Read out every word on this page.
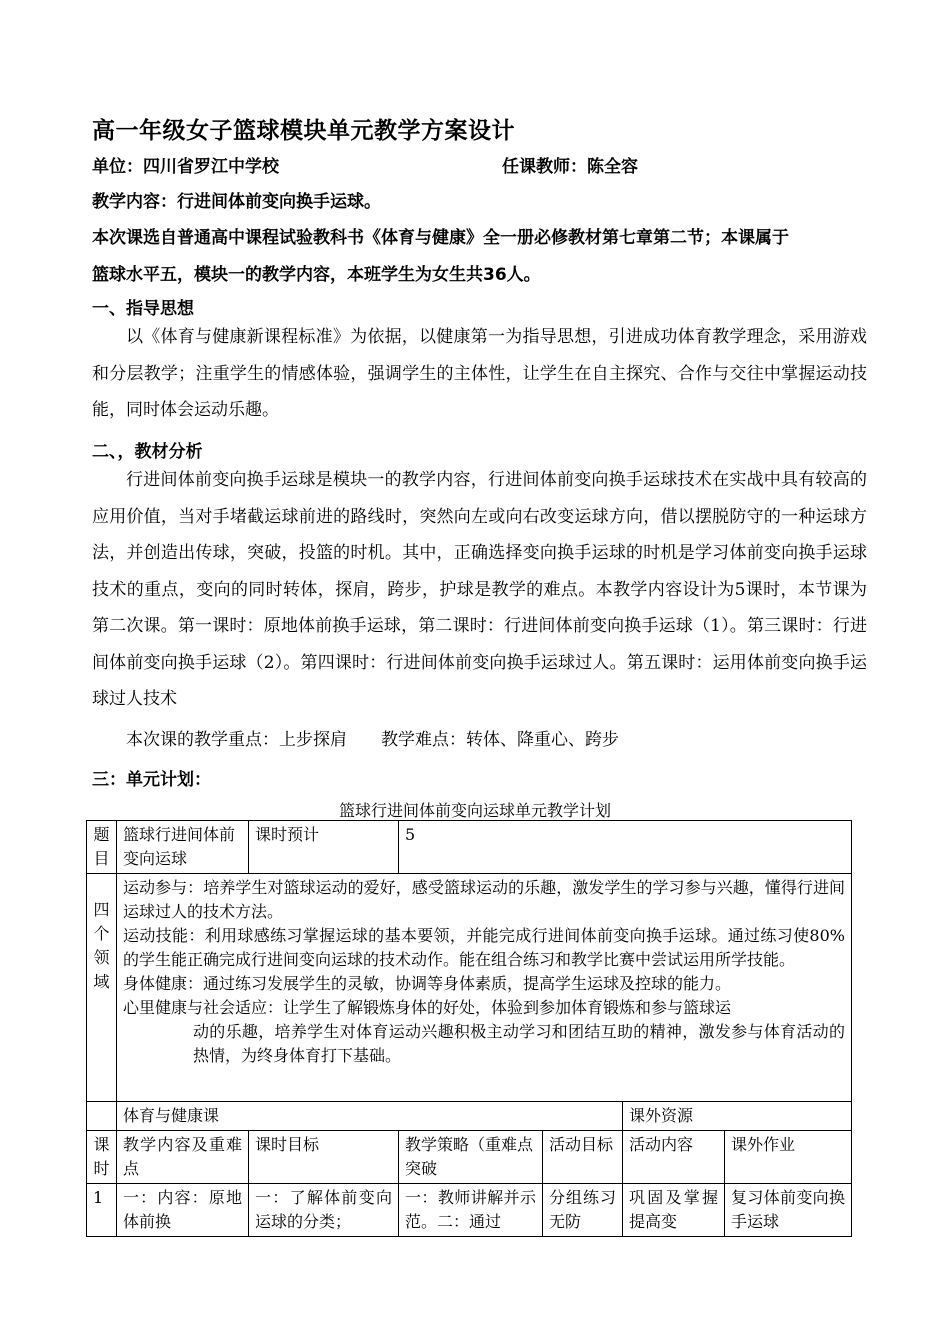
高一年级女子篮球模块单元教学方案设计
单位：四川省罗江中学校	任课教师：陈全容
教学内容：行进间体前变向换手运球。
本次课选自普通高中课程试验教科书《体育与健康》全一册必修教材第七章第二节；本课属于
篮球水平五，模块一的教学内容，本班学生为女生共36人。
一、指导思想
以《体育与健康新课程标准》为依据，以健康第一为指导思想，引进成功体育教学理念，采用游戏和分层教学；注重学生的情感体验，强调学生的主体性，让学生在自主探究、合作与交往中掌握运动技能，同时体会运动乐趣。
二、，教材分析
行进间体前变向换手运球是模块一的教学内容，行进间体前变向换手运球技术在实战中具有较高的应用价值，当对手堵截运球前进的路线时，突然向左或向右改变运球方向，借以摆脱防守的一种运球方法，并创造出传球，突破，投篮的时机。其中，正确选择变向换手运球的时机是学习体前变向换手运球技术的重点，变向的同时转体，探肩，跨步，护球是教学的难点。本教学内容设计为5课时，本节课为第二次课。第一课时：原地体前换手运球，第二课时：行进间体前变向换手运球（1）。第三课时：行进间体前变向换手运球（2）。第四课时：行进间体前变向换手运球过人。第五课时：运用体前变向换手运球过人技术
本次课的教学重点：上步探肩　　教学难点：转体、降重心、跨步
三：单元计划：
篮球行进间体前变向运球单元教学计划
题目	篮球行进间体前变向运球	课时预计	5			
四个领域	运动参与：培养学生对篮球运动的爱好，感受篮球运动的乐趣，激发学生的学习参与兴趣，懂得行进间运球过人的技术方法。

运动技能：利用球感练习掌握运球的基本要领，并能完成行进间体前变向换手运球。通过练习使80%的学生能正确完成行进间变向运球的技术动作。能在组合练习和教学比赛中尝试运用所学技能。

身体健康：通过练习发展学生的灵敏，协调等身体素质，提高学生运球及控球的能力。

心里健康与社会适应：让学生了解锻炼身体的好处，体验到参加体育锻炼和参与篮球运

动的乐趣，培养学生对体育运动兴趣积极主动学习和团结互助的精神，激发参与体育活动的热情，为终身体育打下基础。					

	体育与健康课				课外资源	
课时	教学内容及重难点	课时目标	教学策略（重难点突破	活动目标	活动内容	课外作业
1	一：内容：原地体前换	一：了解体前变向运球的分类；	一：教师讲解并示范。二：通过	分组练习无防	巩固及掌握提高变	复习体前变向换手运球
